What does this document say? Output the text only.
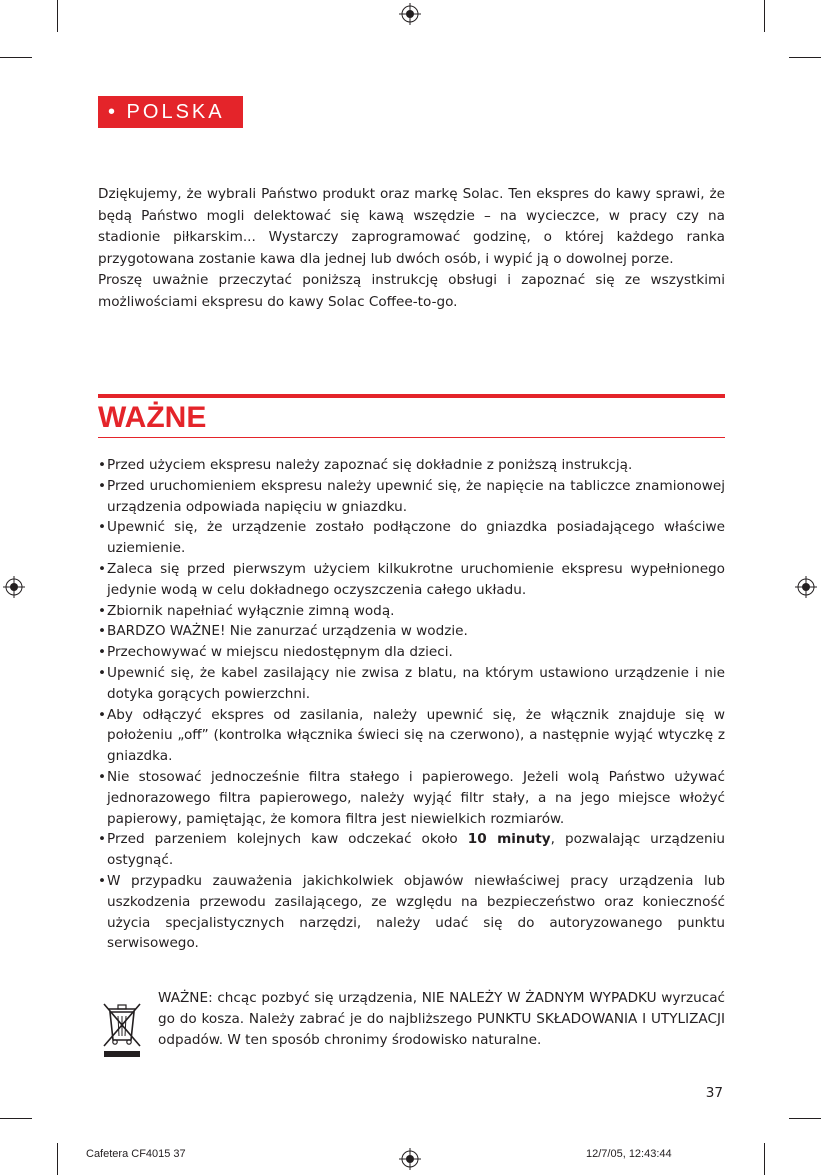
• POLSKA

Dziękujemy, że wybrali Państwo produkt oraz markę Solac. Ten ekspres do kawy sprawi, że będą Państwo mogli delektować się kawą wszędzie – na wycieczce, w pracy czy na stadionie piłkarskim... Wystarczy zaprogramować godzinę, o której każdego ranka przygotowana zostanie kawa dla jednej lub dwóch osób, i wypić ją o dowolnej porze.

Proszę uważnie przeczytać poniższą instrukcję obsługi i zapoznać się ze wszystkimi możliwościami ekspresu do kawy Solac Coffee-to-go.

WAŻNE
• Przed użyciem ekspresu należy zapoznać się dokładnie z poniższą instrukcją.
• Przed uruchomieniem ekspresu należy upewnić się, że napięcie na tabliczce znamionowej urządzenia odpowiada napięciu w gniazdku.
• Upewnić się, że urządzenie zostało podłączone do gniazdka posiadającego właściwe uziemienie.
• Zaleca się przed pierwszym użyciem kilkukrotne uruchomienie ekspresu wypełnionego jedynie wodą w celu dokładnego oczyszczenia całego układu.
• Zbiornik napełniać wyłącznie zimną wodą.
• BARDZO WAŻNE! Nie zanurzać urządzenia w wodzie.
• Przechowywać w miejscu niedostępnym dla dzieci.
• Upewnić się, że kabel zasilający nie zwisa z blatu, na którym ustawiono urządzenie i nie dotyka gorących powierzchni.
• Aby odłączyć ekspres od zasilania, należy upewnić się, że włącznik znajduje się w położeniu „off” (kontrolka włącznika świeci się na czerwono), a następnie wyjąć wtyczkę z gniazdka.
• Nie stosować jednocześnie filtra stałego i papierowego. Jeżeli wolą Państwo używać jednorazowego filtra papierowego, należy wyjąć filtr stały, a na jego miejsce włożyć papierowy, pamiętając, że komora filtra jest niewielkich rozmiarów.
• Przed parzeniem kolejnych kaw odczekać około 10 minuty, pozwalając urządzeniu ostygnąć.
• W przypadku zauważenia jakichkolwiek objawów niewłaściwej pracy urządzenia lub uszkodzenia przewodu zasilającego, ze względu na bezpieczeństwo oraz konieczność użycia specjalistycznych narzędzi, należy udać się do autoryzowanego punktu serwisowego.
WAŻNE: chcąc pozbyć się urządzenia, NIE NALEŻY W ŻADNYM WYPADKU wyrzucać go do kosza. Należy zabrać je do najbliższego PUNKTU SKŁADOWANIA I UTYLIZACJI odpadów. W ten sposób chronimy środowisko naturalne.
37
Cafetera CF4015 37	12/7/05, 12:43:44
